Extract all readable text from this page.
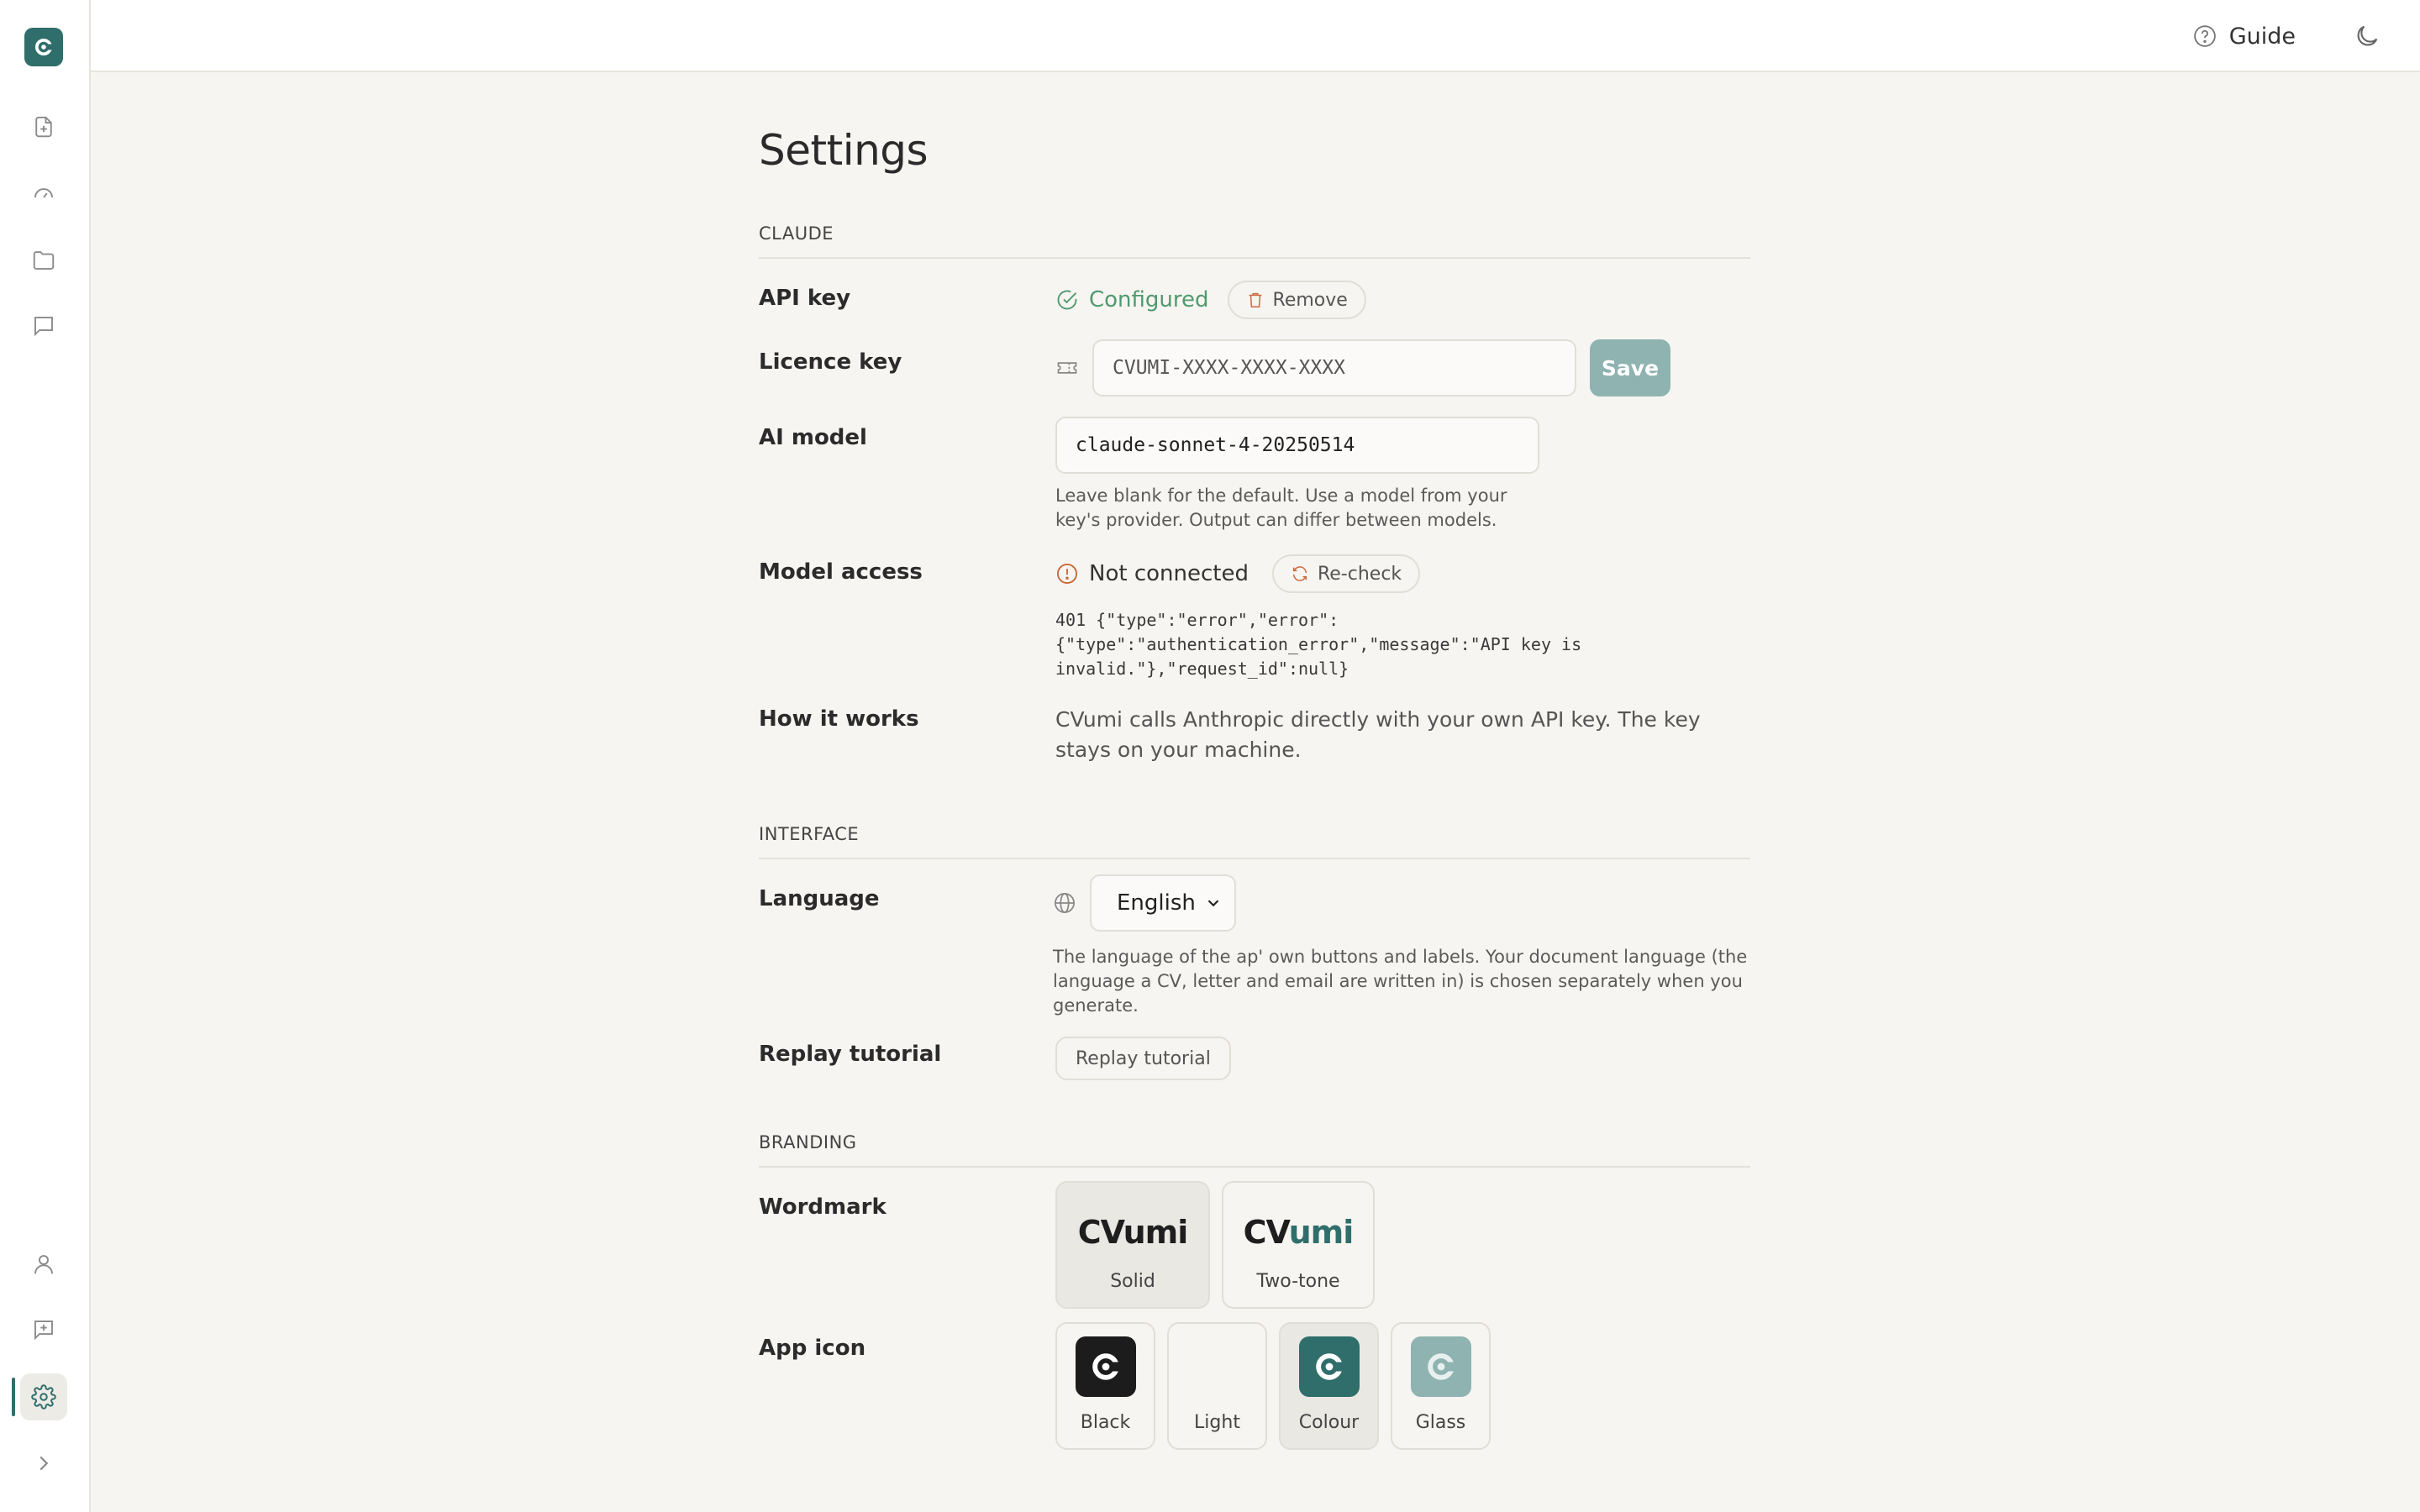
Guide
Settings
CLAUDE
API key	Configured	Remove
Licence key	CVUMI-XXXX-XXXX-XXXX	Save
AI model	claude-sonnet-4-20250514
Leave blank for the default. Use a model from your key's provider. Output can differ between models.
Model access	Not connected	Re-check
401 {"type":"error","error":
{"type":"authentication_error","message":"API key is
invalid."},"request_id":null}
How it works	CVumi calls Anthropic directly with your own API key. The key stays on your machine.
INTERFACE
Language	English
The language of the ap' own buttons and labels. Your document language (the language a CV, letter and email are written in) is chosen separately when you generate.
Replay tutorial	Replay tutorial
BRANDING
Wordmark
CVumi
Solid
CVumi
Two-tone
App icon
Black	Light	Colour	Glass
